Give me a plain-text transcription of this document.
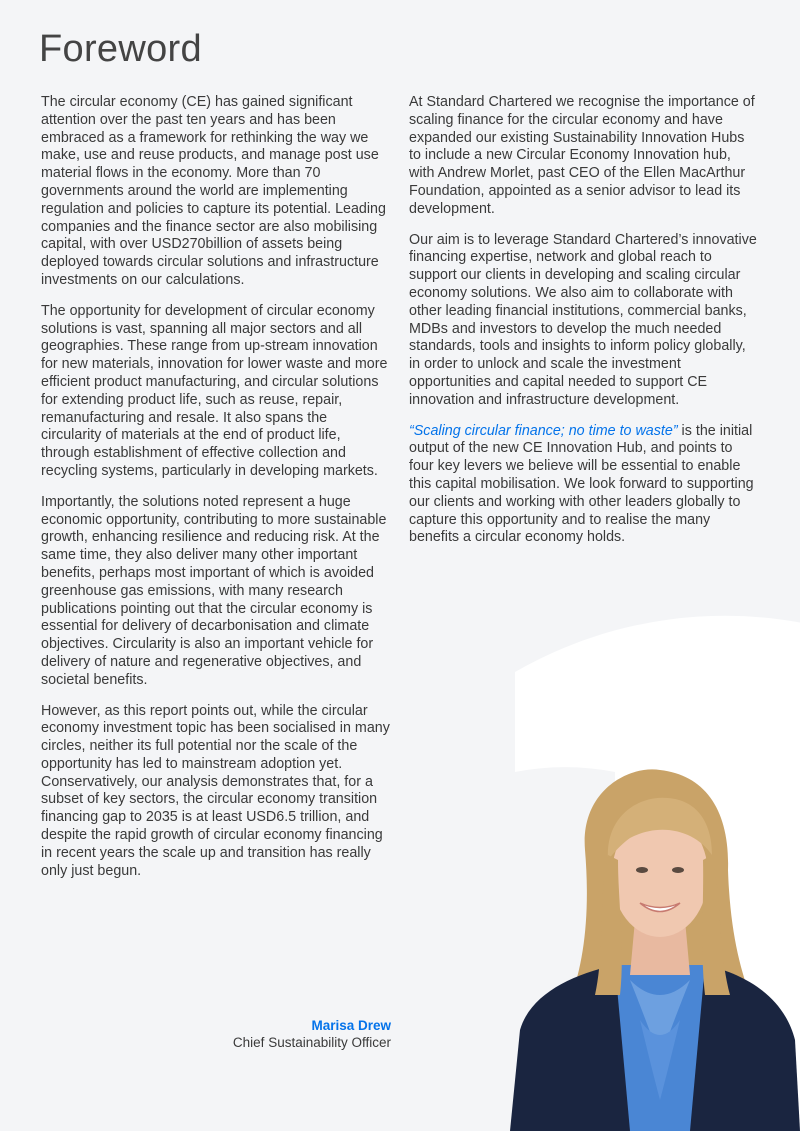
Foreword

The circular economy (CE) has gained significant attention over the past ten years and has been embraced as a framework for rethinking the way we make, use and reuse products, and manage post use material flows in the economy. More than 70 governments around the world are implementing regulation and policies to capture its potential. Leading companies and the finance sector are also mobilising capital, with over USD270billion of assets being deployed towards circular solutions and infrastructure investments on our calculations.

The opportunity for development of circular economy solutions is vast, spanning all major sectors and all geographies. These range from up-stream innovation for new materials, innovation for lower waste and more efficient product manufacturing, and circular solutions for extending product life, such as reuse, repair, remanufacturing and resale. It also spans the circularity of materials at the end of product life, through establishment of effective collection and recycling systems, particularly in developing markets.

Importantly, the solutions noted represent a huge economic opportunity, contributing to more sustainable growth, enhancing resilience and reducing risk. At the same time, they also deliver many other important benefits, perhaps most important of which is avoided greenhouse gas emissions, with many research publications pointing out that the circular economy is essential for delivery of decarbonisation and climate objectives. Circularity is also an important vehicle for delivery of nature and regenerative objectives, and societal benefits.

However, as this report points out, while the circular economy investment topic has been socialised in many circles, neither its full potential nor the scale of the opportunity has led to mainstream adoption yet. Conservatively, our analysis demonstrates that, for a subset of key sectors, the circular economy transition financing gap to 2035 is at least USD6.5 trillion, and despite the rapid growth of circular economy financing in recent years the scale up and transition has really only just begun.

At Standard Chartered we recognise the importance of scaling finance for the circular economy and have expanded our existing Sustainability Innovation Hubs to include a new Circular Economy Innovation hub, with Andrew Morlet, past CEO of the Ellen MacArthur Foundation, appointed as a senior advisor to lead its development.

Our aim is to leverage Standard Chartered’s innovative financing expertise, network and global reach to support our clients in developing and scaling circular economy solutions. We also aim to collaborate with other leading financial institutions, commercial banks, MDBs and investors to develop the much needed standards, tools and insights to inform policy globally, in order to unlock and scale the investment opportunities and capital needed to support CE innovation and infrastructure development.

“Scaling circular finance; no time to waste” is the initial output of the new CE Innovation Hub, and points to four key levers we believe will be essential to enable this capital mobilisation. We look forward to supporting our clients and working with other leaders globally to capture this opportunity and to realise the many benefits a circular economy holds.

Marisa Drew
Chief Sustainability Officer
